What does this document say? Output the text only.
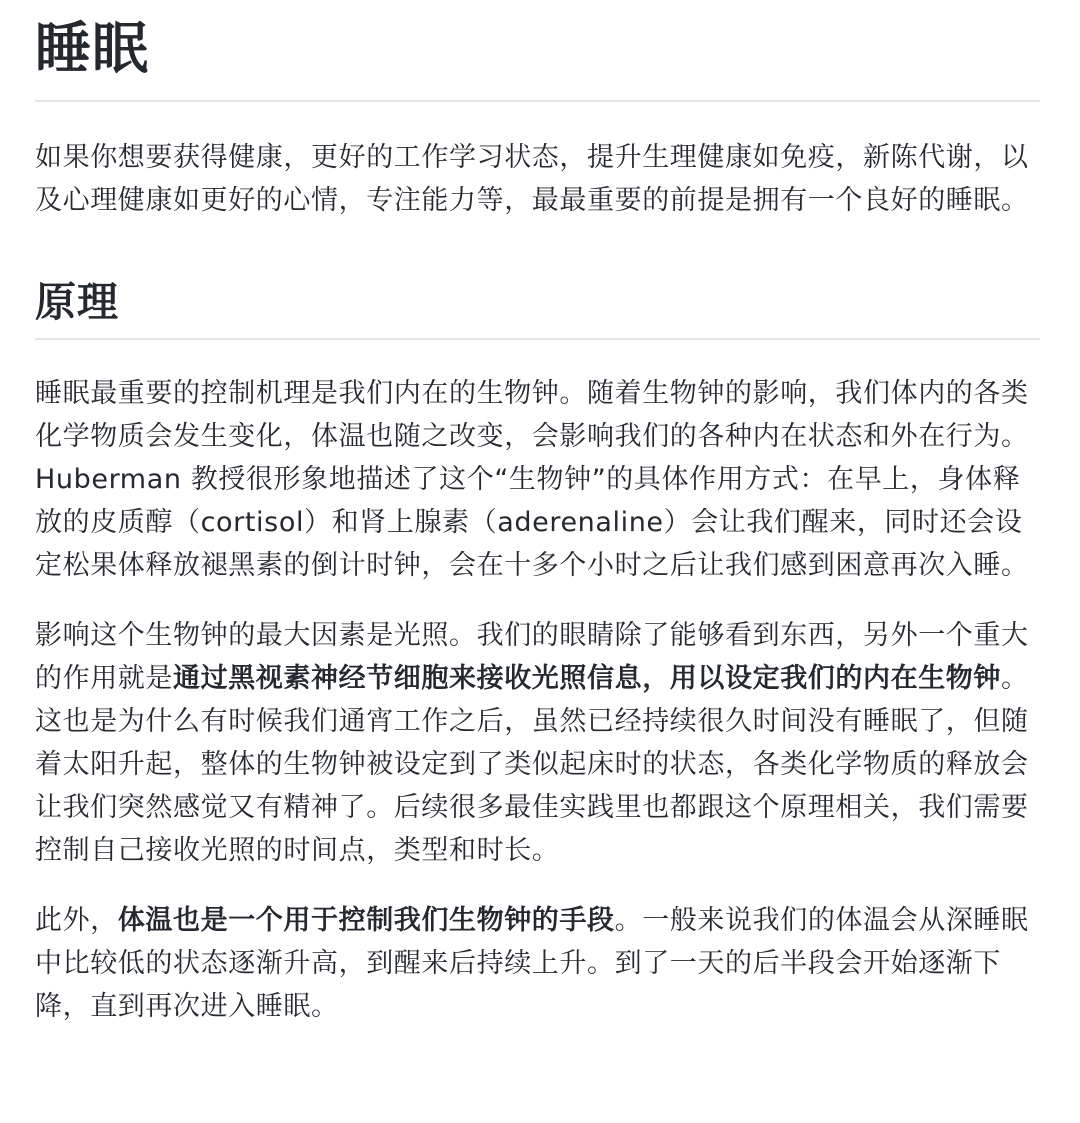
睡眠

如果你想要获得健康，更好的工作学习状态，提升生理健康如免疫，新陈代谢，以及心理健康如更好的心情，专注能力等，最最重要的前提是拥有一个良好的睡眠。

原理

睡眠最重要的控制机理是我们内在的生物钟。随着生物钟的影响，我们体内的各类化学物质会发生变化，体温也随之改变，会影响我们的各种内在状态和外在行为。Huberman 教授很形象地描述了这个“生物钟”的具体作用方式：在早上，身体释放的皮质醇（cortisol）和肾上腺素（aderenaline）会让我们醒来，同时还会设定松果体释放褪黑素的倒计时钟，会在十多个小时之后让我们感到困意再次入睡。

影响这个生物钟的最大因素是光照。我们的眼睛除了能够看到东西，另外一个重大的作用就是通过黑视素神经节细胞来接收光照信息，用以设定我们的内在生物钟。这也是为什么有时候我们通宵工作之后，虽然已经持续很久时间没有睡眠了，但随着太阳升起，整体的生物钟被设定到了类似起床时的状态，各类化学物质的释放会让我们突然感觉又有精神了。后续很多最佳实践里也都跟这个原理相关，我们需要控制自己接收光照的时间点，类型和时长。

此外，体温也是一个用于控制我们生物钟的手段。一般来说我们的体温会从深睡眠中比较低的状态逐渐升高，到醒来后持续上升。到了一天的后半段会开始逐渐下降，直到再次进入睡眠。
